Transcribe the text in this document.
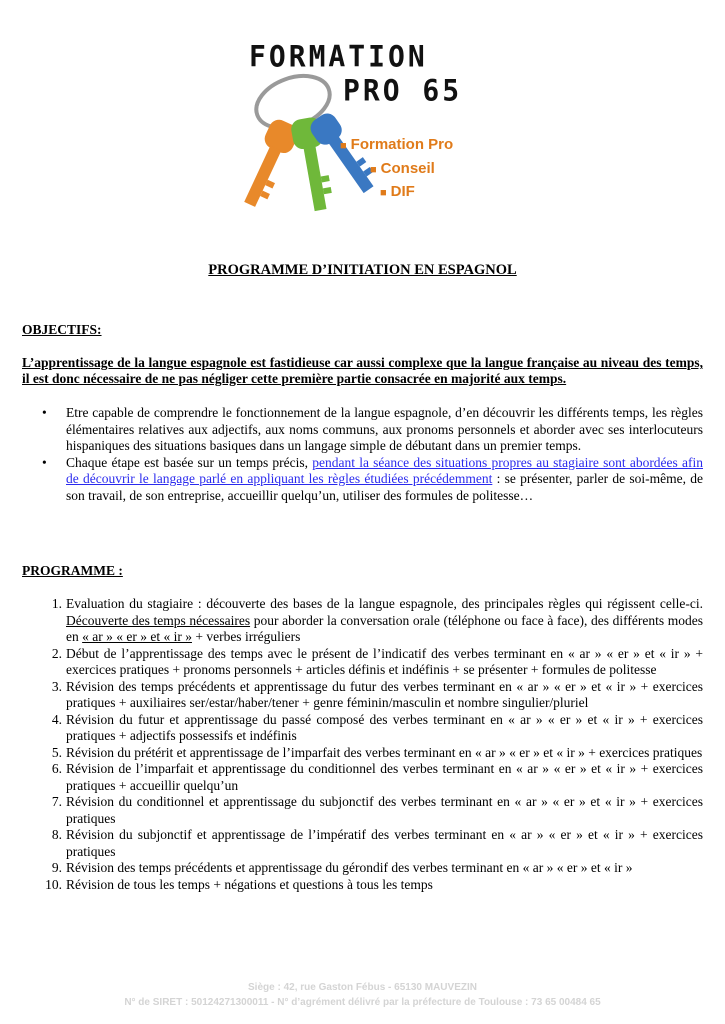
FORMATION
PRO 65
■ Formation Pro
■ Conseil
■ DIF
PROGRAMME D’INITIATION EN ESPAGNOL
OBJECTIFS:
L’apprentissage de la langue espagnole est fastidieuse car aussi complexe que la langue française au niveau des temps, il est donc nécessaire de ne pas négliger cette première partie consacrée en majorité aux temps.
• Etre capable de comprendre le fonctionnement de la langue espagnole, d’en découvrir les différents temps, les règles élémentaires relatives aux adjectifs, aux noms communs, aux pronoms personnels et aborder avec ses interlocuteurs hispaniques des situations basiques dans un langage simple de débutant dans un premier temps.
• Chaque étape est basée sur un temps précis, pendant la séance des situations propres au stagiaire sont abordées afin de découvrir le langage parlé en appliquant les règles étudiées précédemment : se présenter, parler de soi-même, de son travail, de son entreprise, accueillir quelqu’un, utiliser des formules de politesse…
PROGRAMME :
1. Evaluation du stagiaire : découverte des bases de la langue espagnole, des principales règles qui régissent celle-ci. Découverte des temps nécessaires pour aborder la conversation orale (téléphone ou face à face), des différents modes en « ar » « er » et « ir » + verbes irréguliers
2. Début de l’apprentissage des temps avec le présent de l’indicatif des verbes terminant en « ar » « er » et « ir » + exercices pratiques + pronoms personnels + articles définis et indéfinis + se présenter + formules de politesse
3. Révision des temps précédents et apprentissage du futur des verbes terminant en « ar » « er » et « ir » + exercices pratiques + auxiliaires ser/estar/haber/tener + genre féminin/masculin et nombre singulier/pluriel
4. Révision du futur et apprentissage du passé composé des verbes terminant en « ar » « er » et « ir » + exercices pratiques + adjectifs possessifs et indéfinis
5. Révision du prétérit et apprentissage de l’imparfait des verbes terminant en « ar » « er » et « ir » + exercices pratiques
6. Révision de l’imparfait et apprentissage du conditionnel des verbes terminant en « ar » « er » et « ir » + exercices pratiques + accueillir quelqu’un
7. Révision du conditionnel et apprentissage du subjonctif des verbes terminant en « ar » « er » et « ir » + exercices pratiques
8. Révision du subjonctif et apprentissage de l’impératif des verbes terminant en « ar » « er » et « ir » + exercices pratiques
9. Révision des temps précédents et apprentissage du gérondif des verbes terminant en « ar » « er » et « ir »
10. Révision de tous les temps + négations et questions à tous les temps
Siège : 42, rue Gaston Fébus - 65130 MAUVEZIN
N° de SIRET : 50124271300011 - N° d’agrément délivré par la préfecture de Toulouse : 73 65 00484 65
